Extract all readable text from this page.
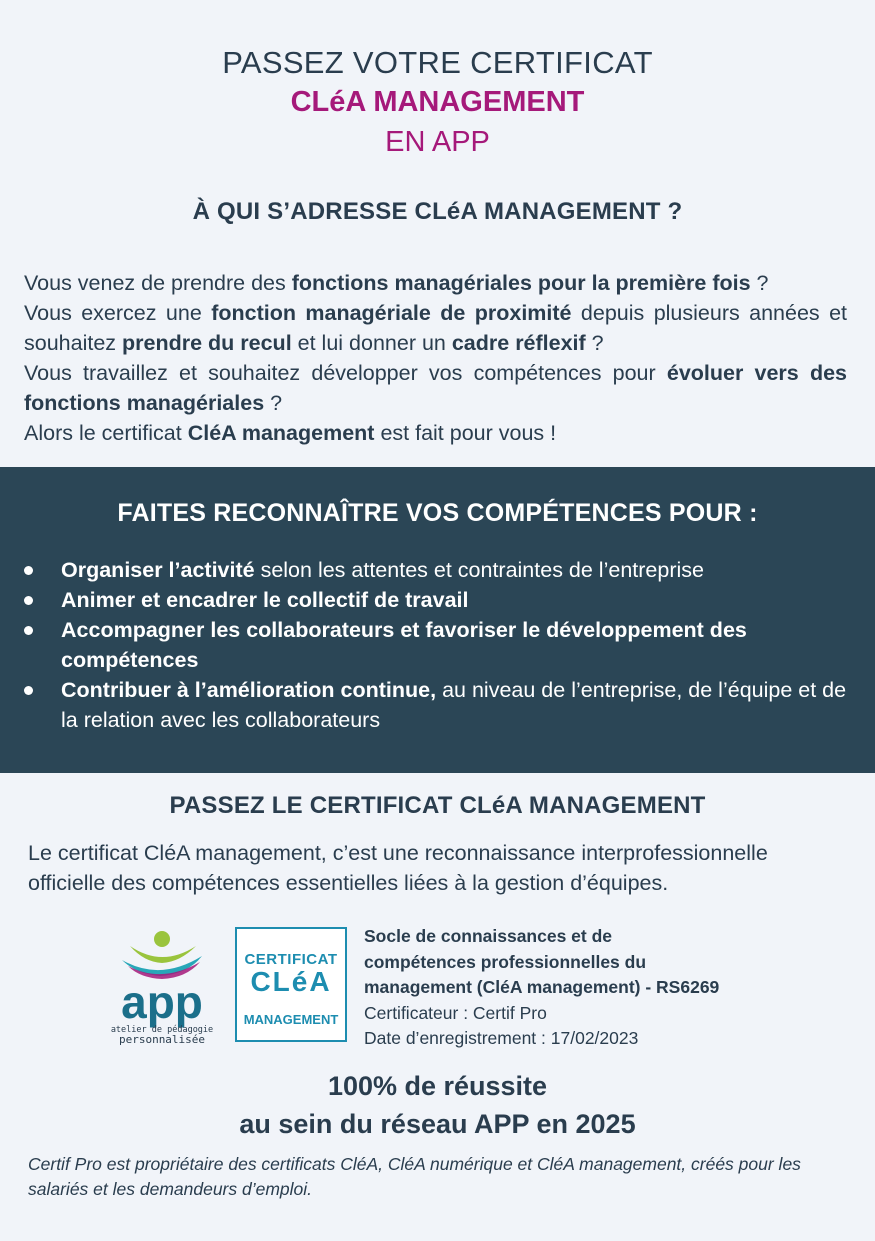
PASSEZ VOTRE CERTIFICAT
CLéA MANAGEMENT
EN APP
À QUI S’ADRESSE CLéA MANAGEMENT ?
Vous venez de prendre des fonctions managériales pour la première fois ?
Vous exercez une fonction managériale de proximité depuis plusieurs années et souhaitez prendre du recul et lui donner un cadre réflexif ?
Vous travaillez et souhaitez développer vos compétences pour évoluer vers des fonctions managériales ?
Alors le certificat CléA management est fait pour vous !
FAITES RECONNAÎTRE VOS COMPÉTENCES POUR :
Organiser l’activité selon les attentes et contraintes de l’entreprise
Animer et encadrer le collectif de travail
Accompagner les collaborateurs et favoriser le développement des compétences
Contribuer à l’amélioration continue, au niveau de l’entreprise, de l’équipe et de la relation avec les collaborateurs
PASSEZ LE CERTIFICAT CLéA MANAGEMENT
Le certificat CléA management, c’est une reconnaissance interprofessionnelle officielle des compétences essentielles liées à la gestion d’équipes.
app
atelier de pédagogie
personnalisée
CERTIFICAT
CLéA
MANAGEMENT
Socle de connaissances et de
compétences professionnelles du
management (CléA management) - RS6269
Certificateur : Certif Pro
Date d’enregistrement : 17/02/2023
100% de réussite
au sein du réseau APP en 2025
Certif Pro est propriétaire des certificats CléA, CléA numérique et CléA management, créés pour les salariés et les demandeurs d’emploi.
